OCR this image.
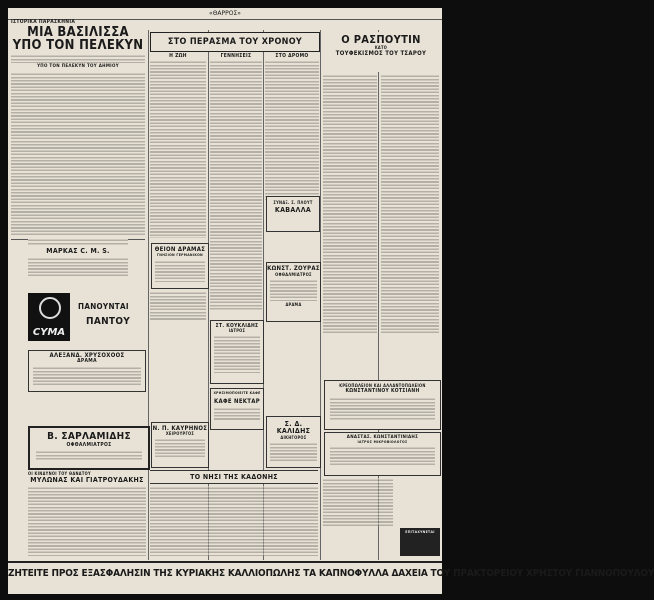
«ΘΑΡΡΟΣ»
ΙΣΤΟΡΙΚΑ ΠΑΡΑΣΚΗΝΙΑ
ΜΙΑ ΒΑΣΙΛΙΣΣΑ
ΥΠΟ ΤΟΝ ΠΕΛΕΚΥΝ
ΥΠΟ ΤΟΝ ΠΕΛΕΚΥΝ ΤΟΥ ΔΗΜΙΟΥ
ΜΑΡΚΑΣ C. M. S.
CYMA
ΠΑΝΟΥΝΤΑΙ
ΠΑΝΤΟΥ
ΑΛΕΞΑΝΔ. ΧΡΥΣΟΧΟΟΣ
ΔΡΑΜΑ
Β. ΣΑΡΛΑΜΙΔΗΣ
ΟΦΘΑΛΜΙΑΤΡΟΣ
ΟΙ ΚΙΝΔΥΝΟΙ ΤΟΥ ΘΑΝΑΤΟΥ
ΜΥΛΩΝΑΣ ΚΑΙ ΓΙΑΤΡΟΥΔΑΚΗΣ
ΣΤΟ ΠΕΡΑΣΜΑ ΤΟΥ ΧΡΟΝΟΥ
Η ΖΩΗ
ΘΕΙΟΝ ΔΡΑΜΑΣ
ΓΝΗΣΙΟΝ ΓΕΡΜΑΝΙΚΟΝ
ΓΕΝΝΗΣΕΙΣ	ΣΤΟ ΔΡΟΜΟ
ΣΥΝΑΞ. Σ. ΠΛΟΥΤ
ΚΑΒΑΛΛΑ
ΚΩΝΣΤ. ΖΟΥΡΑΣ
ΟΦΘΑΛΜΙΑΤΡΟΣ
ΔΡΑΜΑ
ΣΤ. ΚΟΥΚΛΙΔΗΣ
ΙΑΤΡΟΣ
ΧΡΗΣΙΜΟΠΟΙΕΙΤΕ ΚΑΦΕ
ΚΑΦΕ ΝΕΚΤΑΡ
Ν. Π. ΚΑΥΡΗΝΟΣ
ΧΕΙΡΟΥΡΓΟΣ
Σ. Δ. ΚΑΛΙΔΗΣ
ΔΙΚΗΓΟΡΟΣ
ΤΟ ΝΗΣΙ ΤΗΣ ΚΑΔΟΝΗΣ
Ο ΡΑΣΠΟΥΤΙΝ
ΚΑΤΟ
ΤΟΥΦΕΚΙΣΜΟΣ ΤΟΥ ΤΣΑΡΟΥ
ΚΡΕΟΠΩΛΕΙΟΝ ΚΑΙ ΑΛΛΑΝΤΟΠΩΛΕΙΟΝ
ΚΩΝΣΤΑΝΤΙΝΟΥ ΚΟΤΣΙΑΝΗ
ΑΝΑΣΤΑΣ. ΚΩΝΣΤΑΝΤΙΝΙΔΗΣ
ΙΑΤΡΟΣ ΜΙΚΡΟΒΙΟΛΟΓΟΣ
ΕΠΙΤΑΧΥΝΕΤΑΙ
ΖΗΤΕΙΤΕ ΠΡΟΣ ΕΞΑΣΦΑΛΗΣΙΝ ΤΗΣ ΚΥΡΙΑΚΗΣ ΚΑΛΛΙΟΠΩΛΗΣ ΤΑ ΚΑΠΝΟΦΥΛΛΑ ΔΑΧΕΙΑ ΤΟΥ ΠΡΑΚΤΟΡΕΙΟΥ ΧΡΗΣΤΟΥ ΓΙΑΝΝΟΠΟΥΛΟΥ
